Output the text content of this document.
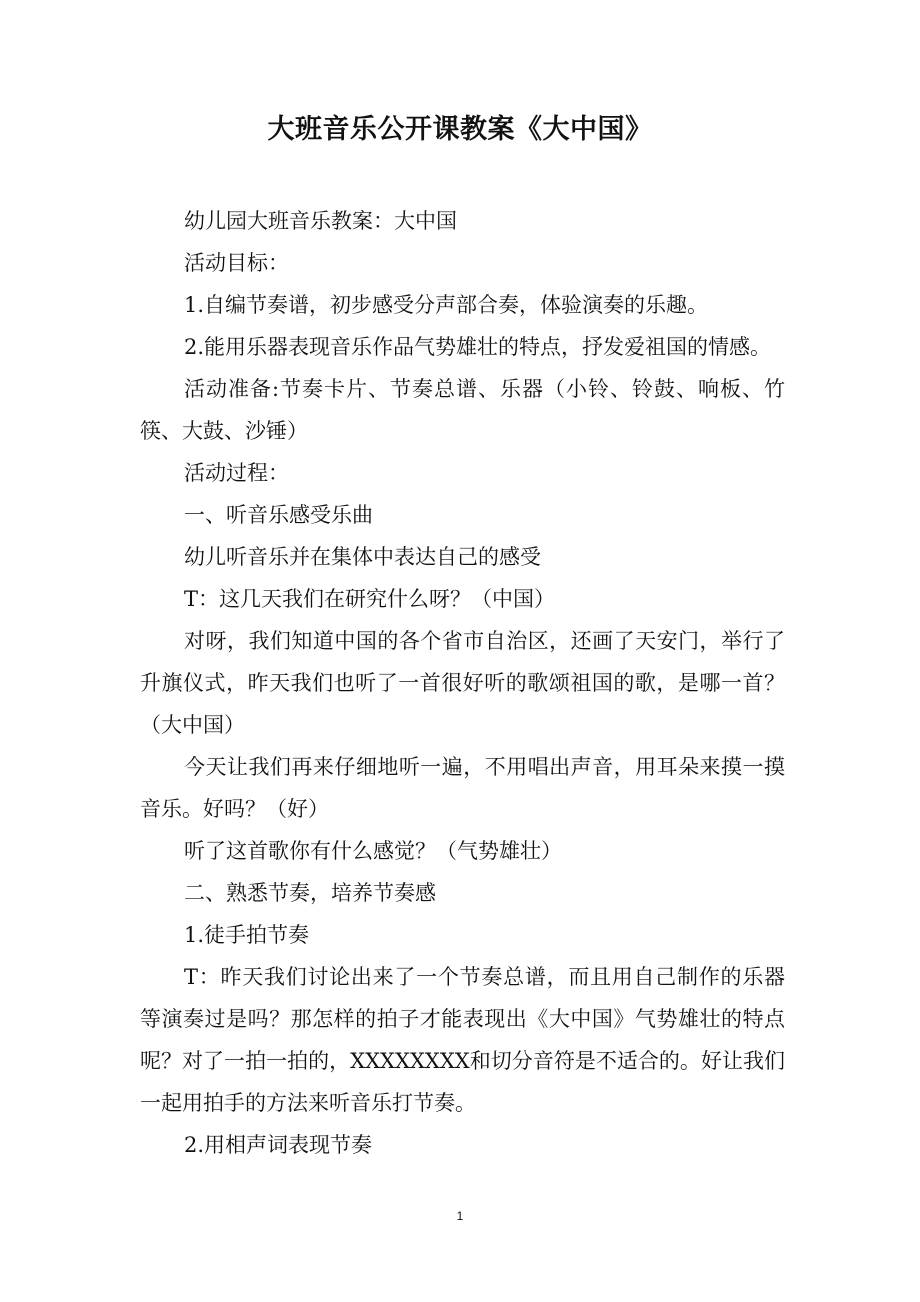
大班音乐公开课教案《大中国》

幼儿园大班音乐教案：大中国

活动目标：

1.自编节奏谱，初步感受分声部合奏，体验演奏的乐趣。

2.能用乐器表现音乐作品气势雄壮的特点，抒发爱祖国的情感。

活动准备:节奏卡片、节奏总谱、乐器（小铃、铃鼓、响板、竹筷、大鼓、沙锤）

活动过程：

一、听音乐感受乐曲

幼儿听音乐并在集体中表达自己的感受

T：这几天我们在研究什么呀？（中国）

对呀，我们知道中国的各个省市自治区，还画了天安门，举行了升旗仪式，昨天我们也听了一首很好听的歌颂祖国的歌，是哪一首？（大中国）

今天让我们再来仔细地听一遍，不用唱出声音，用耳朵来摸一摸音乐。好吗？（好）

听了这首歌你有什么感觉？（气势雄壮）

二、熟悉节奏，培养节奏感

1.徒手拍节奏

T：昨天我们讨论出来了一个节奏总谱，而且用自己制作的乐器等演奏过是吗？那怎样的拍子才能表现出《大中国》气势雄壮的特点呢？对了一拍一拍的，XXXXXXXX和切分音符是不适合的。好让我们一起用拍手的方法来听音乐打节奏。

2.用相声词表现节奏

1
